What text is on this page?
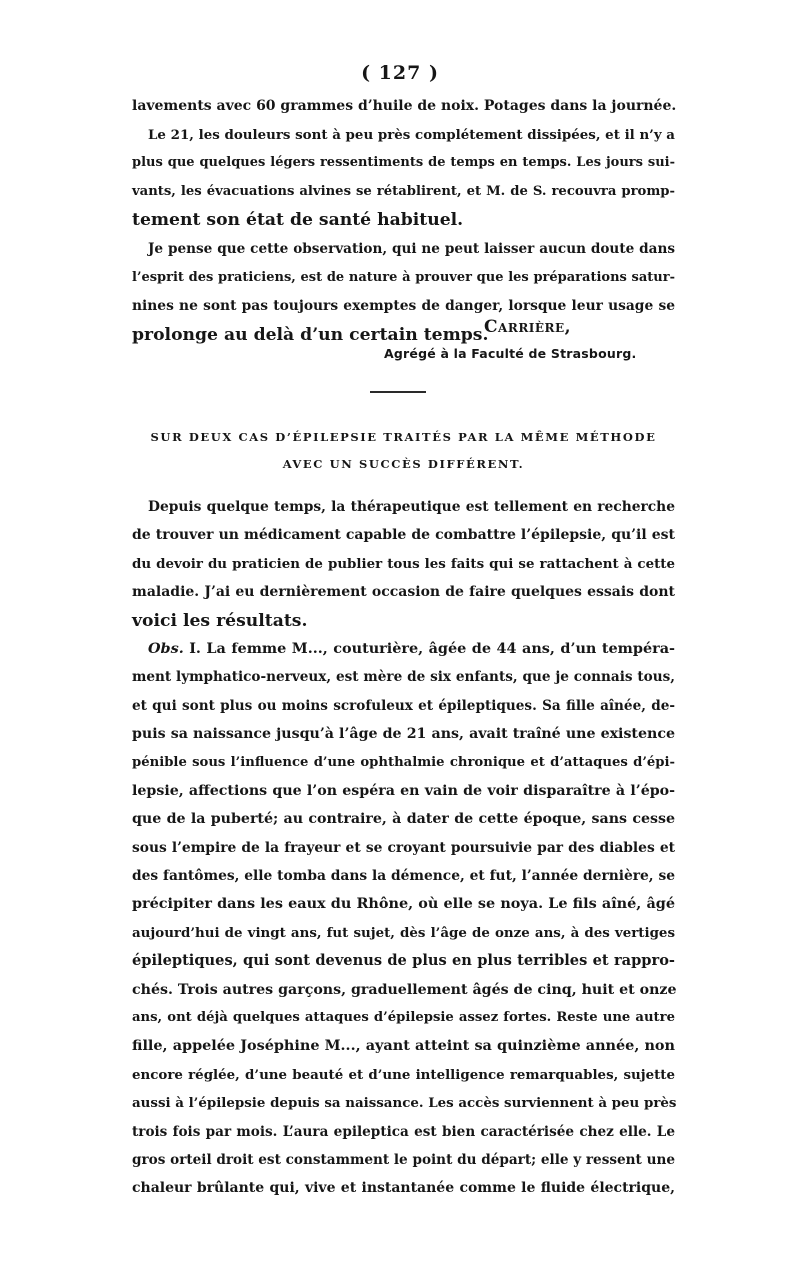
( 127 )
lavements avec 60 grammes d’huile de noix. Potages dans la journée.
Le 21, les douleurs sont à peu près complétement dissipées, et il n’y a
plus que quelques légers ressentiments de temps en temps. Les jours sui-
vants, les évacuations alvines se rétablirent, et M. de S. recouvra promp-
tement son état de santé habituel.
Je pense que cette observation, qui ne peut laisser aucun doute dans
l’esprit des praticiens, est de nature à prouver que les préparations satur-
nines ne sont pas toujours exemptes de danger, lorsque leur usage se
prolonge au delà d’un certain temps.
Carrière,
Agrégé à la Faculté de Strasbourg.
SUR DEUX CAS D’ÉPILEPSIE TRAITÉS PAR LA MÊME MÉTHODE
AVEC UN SUCCÈS DIFFÉRENT.
Depuis quelque temps, la thérapeutique est tellement en recherche
de trouver un médicament capable de combattre l’épilepsie, qu’il est
du devoir du praticien de publier tous les faits qui se rattachent à cette
maladie. J’ai eu dernièrement occasion de faire quelques essais dont
voici les résultats.
Obs. I. La femme M..., couturière, âgée de 44 ans, d’un tempéra-
ment lymphatico-nerveux, est mère de six enfants, que je connais tous,
et qui sont plus ou moins scrofuleux et épileptiques. Sa fille aînée, de-
puis sa naissance jusqu’à l’âge de 21 ans, avait traîné une existence
pénible sous l’influence d’une ophthalmie chronique et d’attaques d’épi-
lepsie, affections que l’on espéra en vain de voir disparaître à l’épo-
que de la puberté; au contraire, à dater de cette époque, sans cesse
sous l’empire de la frayeur et se croyant poursuivie par des diables et
des fantômes, elle tomba dans la démence, et fut, l’année dernière, se
précipiter dans les eaux du Rhône, où elle se noya. Le fils aîné, âgé
aujourd’hui de vingt ans, fut sujet, dès l’âge de onze ans, à des vertiges
épileptiques, qui sont devenus de plus en plus terribles et rappro-
chés. Trois autres garçons, graduellement âgés de cinq, huit et onze
ans, ont déjà quelques attaques d’épilepsie assez fortes. Reste une autre
fille, appelée Joséphine M..., ayant atteint sa quinzième année, non
encore réglée, d’une beauté et d’une intelligence remarquables, sujette
aussi à l’épilepsie depuis sa naissance. Les accès surviennent à peu près
trois fois par mois. L’aura epileptica est bien caractérisée chez elle. Le
gros orteil droit est constamment le point du départ; elle y ressent une
chaleur brûlante qui, vive et instantanée comme le fluide électrique,
